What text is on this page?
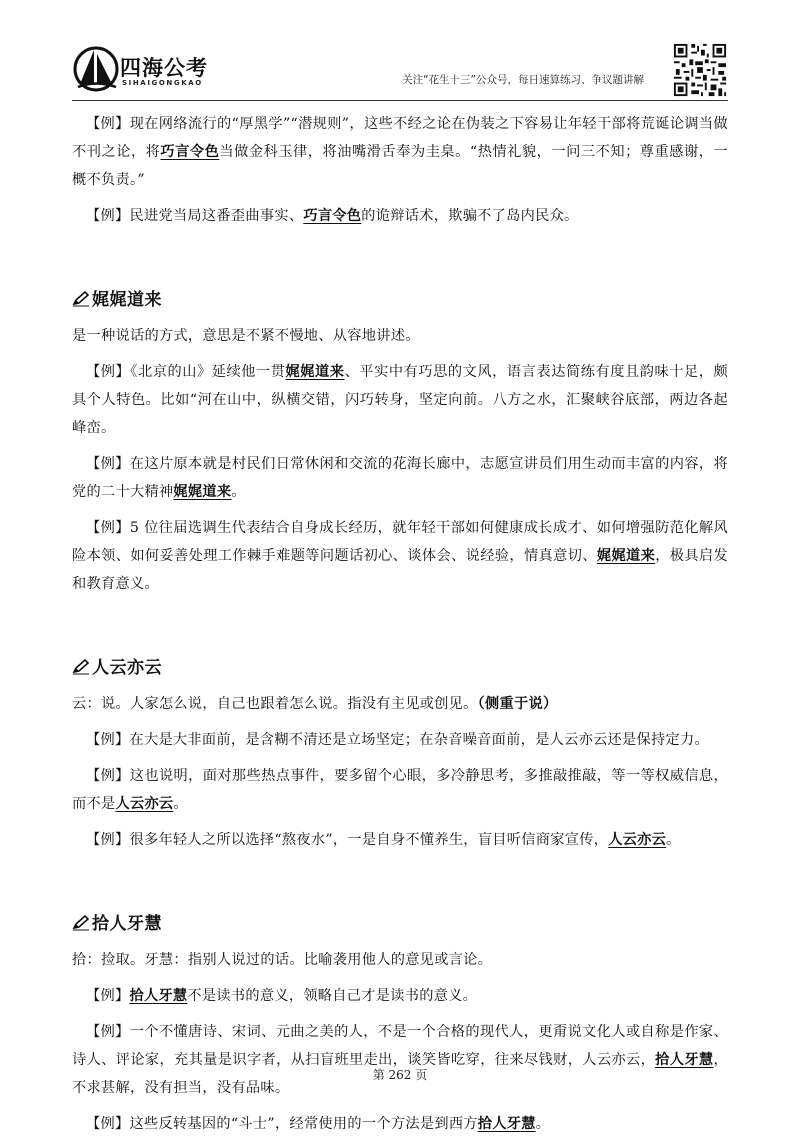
四海公考
SIHAIGONGKAO	关注“花生十三”公众号，每日速算练习、争议题讲解

【例】现在网络流行的“厚黑学”“潜规则”，这些不经之论在伪装之下容易让年轻干部将荒诞论调当做不刊之论，将巧言令色当做金科玉律，将油嘴滑舌奉为圭臬。“热情礼貌，一问三不知；尊重感谢，一概不负责。”

【例】民进党当局这番歪曲事实、巧言令色的诡辩话术，欺骗不了岛内民众。

娓娓道来

是一种说话的方式，意思是不紧不慢地、从容地讲述。

【例】《北京的山》延续他一贯娓娓道来、平实中有巧思的文风，语言表达简练有度且韵味十足，颇具个人特色。比如“河在山中，纵横交错，闪巧转身，坚定向前。八方之水，汇聚峡谷底部，两边各起峰峦。

【例】在这片原本就是村民们日常休闲和交流的花海长廊中，志愿宣讲员们用生动而丰富的内容，将党的二十大精神娓娓道来。

【例】5 位往届选调生代表结合自身成长经历，就年轻干部如何健康成长成才、如何增强防范化解风险本领、如何妥善处理工作棘手难题等问题话初心、谈体会、说经验，情真意切、娓娓道来，极具启发和教育意义。

人云亦云

云：说。人家怎么说，自己也跟着怎么说。指没有主见或创见。（侧重于说）

【例】在大是大非面前，是含糊不清还是立场坚定；在杂音噪音面前，是人云亦云还是保持定力。

【例】这也说明，面对那些热点事件，要多留个心眼，多冷静思考，多推敲推敲，等一等权威信息，而不是人云亦云。

【例】很多年轻人之所以选择“熬夜水”，一是自身不懂养生，盲目听信商家宣传，人云亦云。

拾人牙慧

拾：捡取。牙慧：指别人说过的话。比喻袭用他人的意见或言论。

【例】拾人牙慧不是读书的意义，领略自己才是读书的意义。

【例】一个不懂唐诗、宋词、元曲之美的人，不是一个合格的现代人，更甭说文化人或自称是作家、诗人、评论家，充其量是识字者，从扫盲班里走出，谈笑皆吃穿，往来尽钱财，人云亦云，拾人牙慧，不求甚解，没有担当，没有品味。

【例】这些反转基因的“斗士”，经常使用的一个方法是到西方拾人牙慧。

第 262 页
